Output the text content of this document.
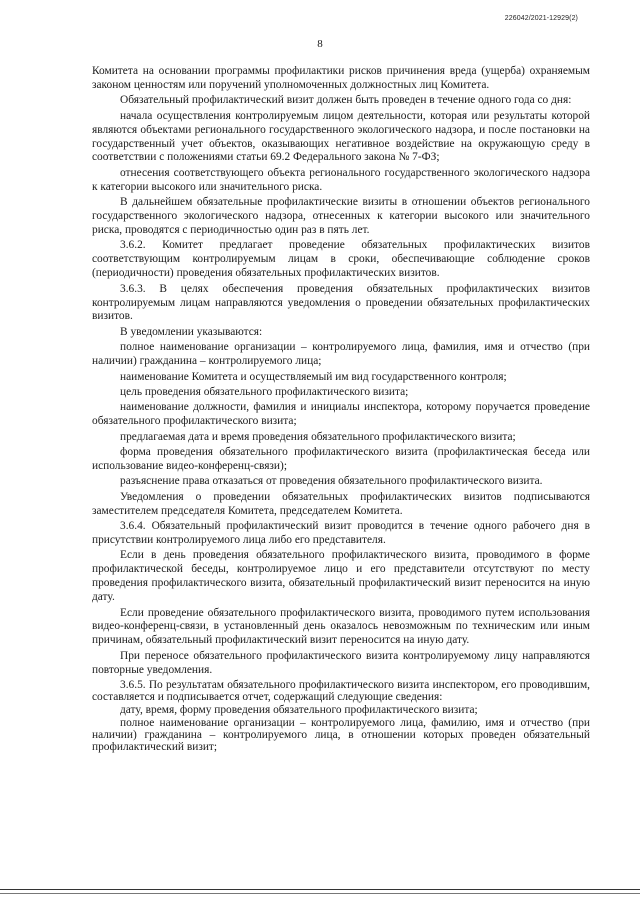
226042/2021-12929(2)
8

Комитета на основании программы профилактики рисков причинения вреда (ущерба) охраняемым законом ценностям или поручений уполномоченных должностных лиц Комитета.

Обязательный профилактический визит должен быть проведен в течение одного года со дня:

начала осуществления контролируемым лицом деятельности, которая или результаты которой являются объектами регионального государственного экологического надзора, и после постановки на государственный учет объектов, оказывающих негативное воздействие на окружающую среду в соответствии с положениями статьи 69.2 Федерального закона № 7-ФЗ;

отнесения соответствующего объекта регионального государственного экологического надзора к категории высокого или значительного риска.

В дальнейшем обязательные профилактические визиты в отношении объектов регионального государственного экологического надзора, отнесенных к категории высокого или значительного риска, проводятся с периодичностью один раз в пять лет.

3.6.2. Комитет предлагает проведение обязательных профилактических визитов соответствующим контролируемым лицам в сроки, обеспечивающие соблюдение сроков (периодичности) проведения обязательных профилактических визитов.

3.6.3. В целях обеспечения проведения обязательных профилактических визитов контролируемым лицам направляются уведомления о проведении обязательных профилактических визитов.

В уведомлении указываются:

полное наименование организации – контролируемого лица, фамилия, имя и отчество (при наличии) гражданина – контролируемого лица;

наименование Комитета и осуществляемый им вид государственного контроля;

цель проведения обязательного профилактического визита;

наименование должности, фамилия и инициалы инспектора, которому поручается проведение обязательного профилактического визита;

предлагаемая дата и время проведения обязательного профилактического визита;

форма проведения обязательного профилактического визита (профилактическая беседа или использование видео-конференц-связи);

разъяснение права отказаться от проведения обязательного профилактического визита.

Уведомления о проведении обязательных профилактических визитов подписываются заместителем председателя Комитета, председателем Комитета.

3.6.4. Обязательный профилактический визит проводится в течение одного рабочего дня в присутствии контролируемого лица либо его представителя.

Если в день проведения обязательного профилактического визита, проводимого в форме профилактической беседы, контролируемое лицо и его представители отсутствуют по месту проведения профилактического визита, обязательный профилактический визит переносится на иную дату.

Если проведение обязательного профилактического визита, проводимого путем использования видео-конференц-связи, в установленный день оказалось невозможным по техническим или иным причинам, обязательный профилактический визит переносится на иную дату.

При переносе обязательного профилактического визита контролируемому лицу направляются повторные уведомления.

3.6.5. По результатам обязательного профилактического визита инспектором, его проводившим, составляется и подписывается отчет, содержащий следующие сведения:

дату, время, форму проведения обязательного профилактического визита;

полное наименование организации – контролируемого лица, фамилию, имя и отчество (при наличии) гражданина – контролируемого лица, в отношении которых проведен обязательный профилактический визит;
